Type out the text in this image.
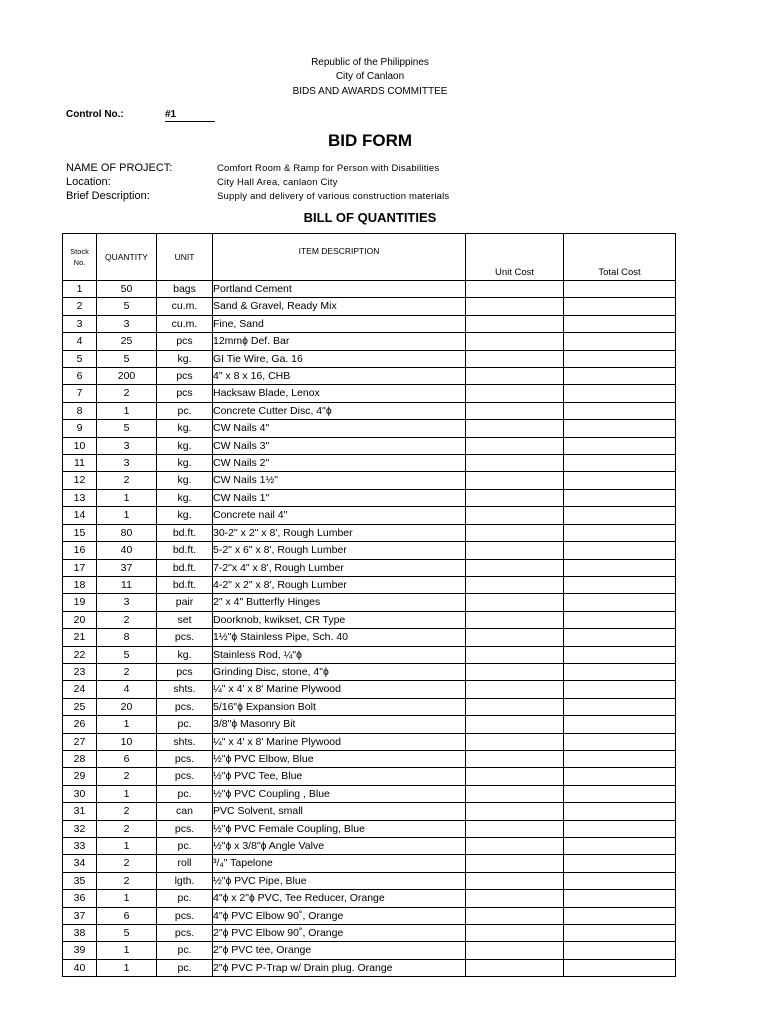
Republic of the Philippines
City of Canlaon
BIDS AND AWARDS COMMITTEE
Control No.:	#1
BID FORM
NAME OF PROJECT:	Comfort Room & Ramp for Person with Disabilities
Location:	City Hall Area, canlaon City
Brief Description:	Supply and delivery of various construction materials
BILL OF QUANTITIES
Stock
No.	QUANTITY	UNIT	ITEM DESCRIPTION	Unit Cost	Total Cost
1	50	bags	Portland Cement		
2	5	cu.m.	Sand & Gravel, Ready Mix		
3	3	cu.m.	Fine, Sand		
4	25	pcs	12mmɸ Def. Bar		
5	5	kg.	GI Tie Wire, Ga. 16		
6	200	pcs	4" x 8 x 16, CHB		
7	2	pcs	Hacksaw Blade, Lenox		
8	1	pc.	Concrete Cutter Disc, 4"ɸ		
9	5	kg.	CW Nails 4"		
10	3	kg.	CW Nails 3"		
11	3	kg.	CW Nails 2"		
12	2	kg.	CW Nails 1½"		
13	1	kg.	CW Nails 1"		
14	1	kg.	Concrete nail 4"		
15	80	bd.ft.	30-2" x 2" x 8', Rough Lumber		
16	40	bd.ft.	5-2" x 6" x 8', Rough Lumber		
17	37	bd.ft.	7-2"x 4" x 8', Rough Lumber		
18	11	bd.ft.	4-2" x 2" x 8', Rough Lumber		
19	3	pair	2" x 4" Butterfly Hinges		
20	2	set	Doorknob, kwikset, CR Type		
21	8	pcs.	1½"ɸ Stainless Pipe, Sch. 40		
22	5	kg.	Stainless Rod, ¼"ɸ		
23	2	pcs	Grinding Disc, stone, 4"ɸ		
24	4	shts.	¼" x 4' x 8' Marine Plywood		
25	20	pcs.	5/16"ɸ Expansion Bolt		
26	1	pc.	3/8"ɸ Masonry Bit		
27	10	shts.	¼" x 4' x 8' Marine Plywood		
28	6	pcs.	½"ɸ PVC Elbow, Blue		
29	2	pcs.	½"ɸ PVC Tee, Blue		
30	1	pc.	½"ɸ PVC Coupling , Blue		
31	2	can	PVC Solvent, small		
32	2	pcs.	½"ɸ PVC Female Coupling, Blue		
33	1	pc.	½"ɸ x 3/8"ɸ Angle Valve		
34	2	roll	³/₄" Tapelone		
35	2	lgth.	½"ɸ PVC Pipe, Blue		
36	1	pc.	4"ɸ x 2"ɸ PVC, Tee Reducer, Orange		
37	6	pcs.	4"ɸ PVC Elbow 90˚, Orange		
38	5	pcs.	2"ɸ PVC Elbow 90˚, Orange		
39	1	pc.	2"ɸ PVC tee, Orange		
40	1	pc.	2"ɸ PVC P-Trap w/ Drain plug. Orange		
